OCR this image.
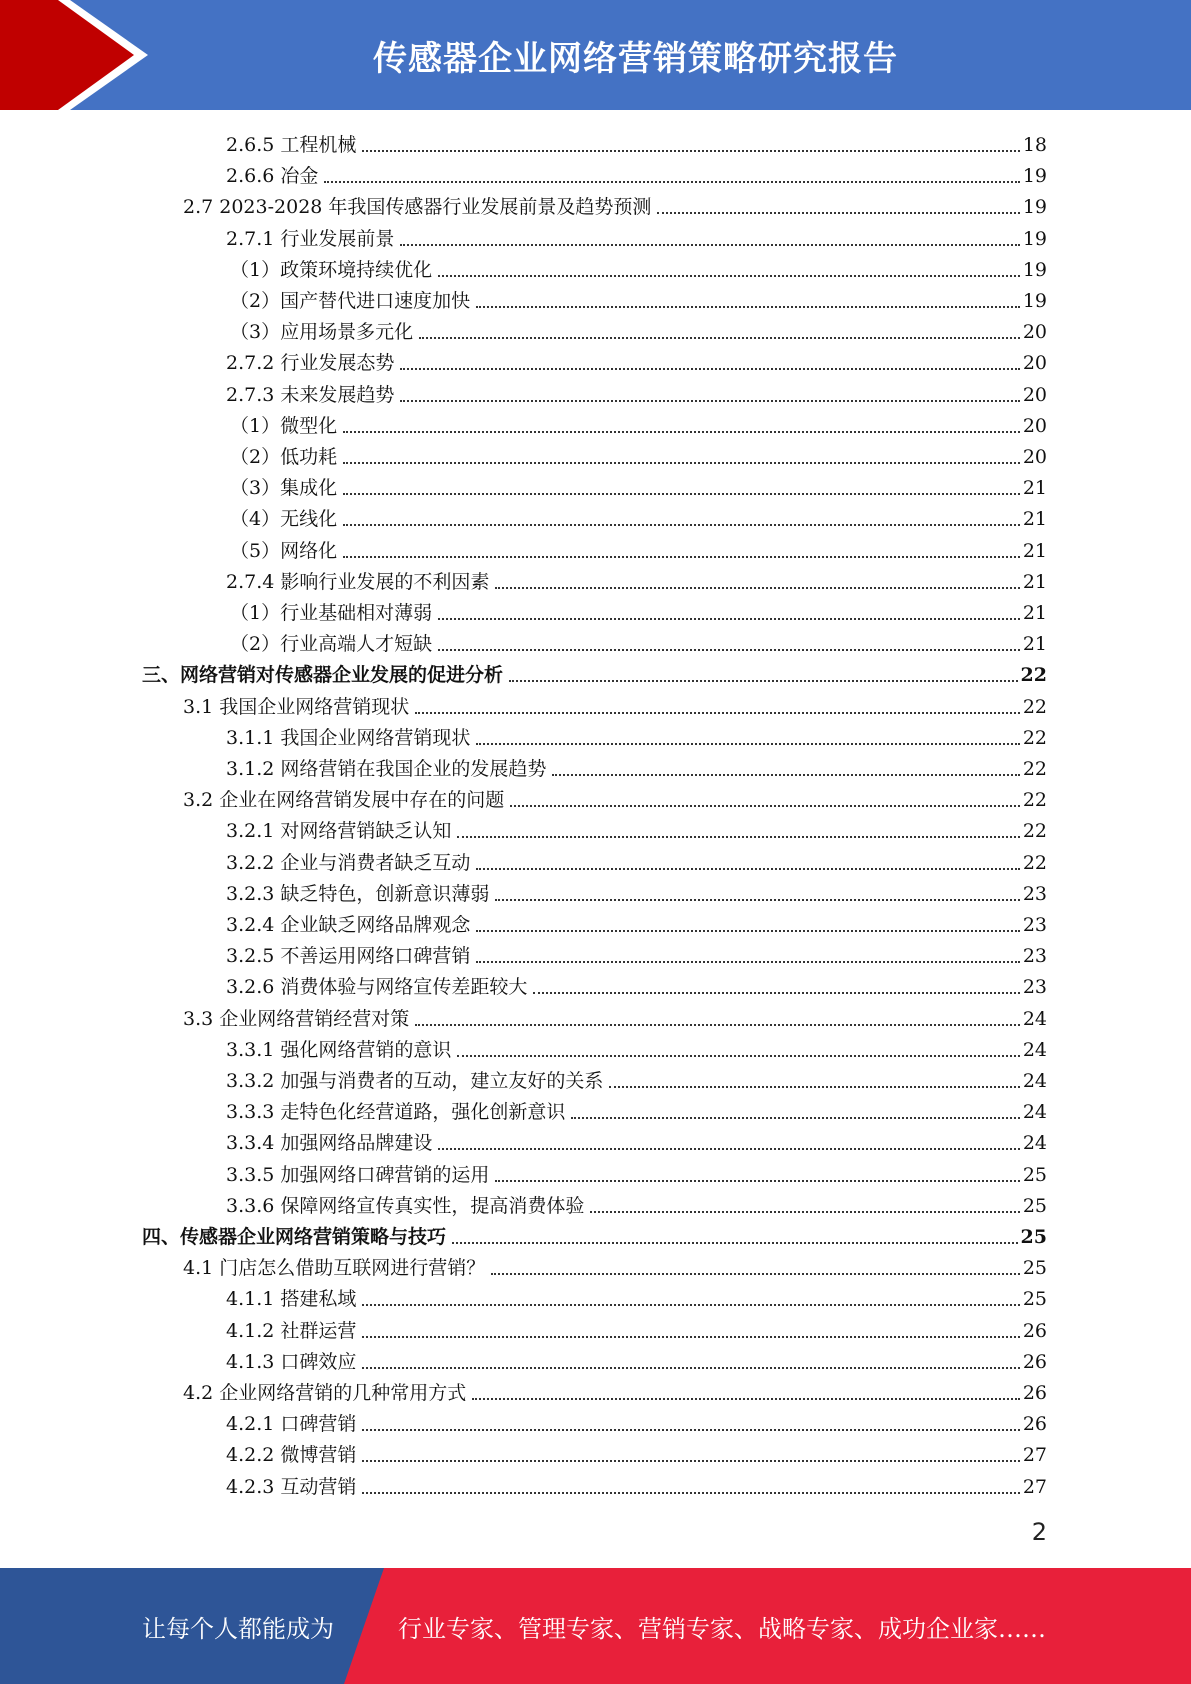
传感器企业网络营销策略研究报告
2.6.5 工程机械	18
2.6.6 冶金	19
2.7 2023-2028 年我国传感器行业发展前景及趋势预测	19
2.7.1 行业发展前景	19
（1）政策环境持续优化	19
（2）国产替代进口速度加快	19
（3）应用场景多元化	20
2.7.2 行业发展态势	20
2.7.3 未来发展趋势	20
（1）微型化	20
（2）低功耗	20
（3）集成化	21
（4）无线化	21
（5）网络化	21
2.7.4 影响行业发展的不利因素	21
（1）行业基础相对薄弱	21
（2）行业高端人才短缺	21
三、网络营销对传感器企业发展的促进分析	22
3.1 我国企业网络营销现状	22
3.1.1 我国企业网络营销现状	22
3.1.2 网络营销在我国企业的发展趋势	22
3.2 企业在网络营销发展中存在的问题	22
3.2.1 对网络营销缺乏认知	22
3.2.2 企业与消费者缺乏互动	22
3.2.3 缺乏特色，创新意识薄弱	23
3.2.4 企业缺乏网络品牌观念	23
3.2.5 不善运用网络口碑营销	23
3.2.6 消费体验与网络宣传差距较大	23
3.3 企业网络营销经营对策	24
3.3.1 强化网络营销的意识	24
3.3.2 加强与消费者的互动，建立友好的关系	24
3.3.3 走特色化经营道路，强化创新意识	24
3.3.4 加强网络品牌建设	24
3.3.5 加强网络口碑营销的运用	25
3.3.6 保障网络宣传真实性，提高消费体验	25
四、传感器企业网络营销策略与技巧	25
4.1 门店怎么借助互联网进行营销？	25
4.1.1 搭建私域	25
4.1.2 社群运营	26
4.1.3 口碑效应	26
4.2 企业网络营销的几种常用方式	26
4.2.1 口碑营销	26
4.2.2 微博营销	27
4.2.3 互动营销	27
2
让每个人都能成为	行业专家、管理专家、营销专家、战略专家、成功企业家……
